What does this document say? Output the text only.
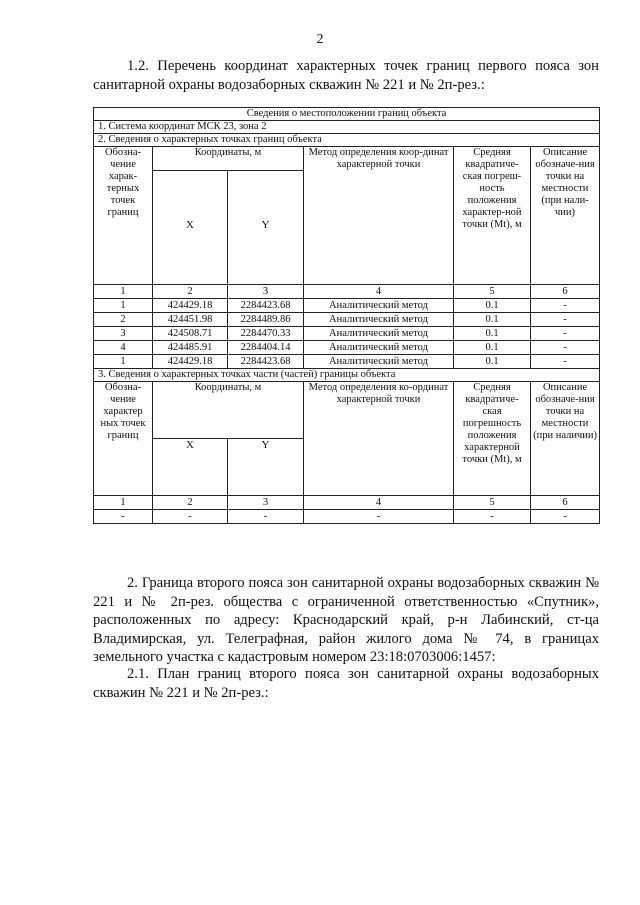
2
1.2. Перечень координат характерных точек границ первого пояса зон санитарной охраны водозаборных скважин № 221 и № 2п-рез.:
Сведения о местоположении границ объекта					
1. Система координат МСК 23, зона 2					
2. Сведения о характерных точках границ объекта					
Обозна-чение харак-терных точек границ	Координаты, м		Метод определения коор-динат характерной точки	Средняя квадратиче-ская погреш-ность положения характер-ной точки (Mt), м	Описание обозначе-ния точки на местности (при нали-чии)

	X	Y			

1	2	3	4	5	6
1	424429.18	2284423.68	Аналитический метод	0.1	-
2	424451.98	2284489.86	Аналитический метод	0.1	-
3	424508.71	2284470.33	Аналитический метод	0.1	-
4	424485.91	2284404.14	Аналитический метод	0.1	-
1	424429.18	2284423.68	Аналитический метод	0.1	-
3. Сведения о характерных точках части (частей) границы объекта					
Обозна-чение характер ных точек границ	Координаты, м		Метод определения ко-ординат характерной точки	Средняя квадратиче-ская погрешность положения характерной точки (Mt), м	Описание обозначе-ния точки на местности (при наличии)

	X	Y			

1	2	3	4	5	6
-	-	-	-	-	-
2. Граница второго пояса зон санитарной охраны водозаборных скважин № 221 и № 2п-рез. общества с ограниченной ответственностью «Спутник», расположенных по адресу: Краснодарский край, р-н Лабинский, ст-ца Владимирская, ул. Телеграфная, район жилого дома № 74, в границах земельного участка с кадастровым номером 23:18:0703006:1457:
2.1. План границ второго пояса зон санитарной охраны водозаборных скважин № 221 и № 2п-рез.:
